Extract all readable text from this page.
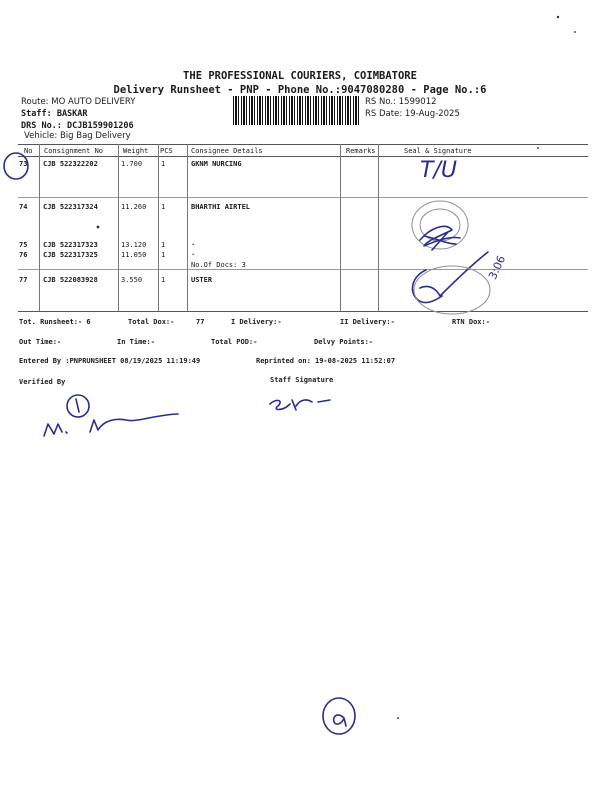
THE PROFESSIONAL COURIERS, COIMBATORE
Delivery Runsheet - PNP - Phone No.:9047080280 - Page No.:6
Route: MO AUTO DELIVERY
Staff: BASKAR
DRS No.: DCJB159901206
Vehicle: Big Bag Delivery
RS No.: 1599012
RS Date: 19-Aug-2025
No Consignment No	Weight PCS	Consignee Details	Remarks	Seal & Signature
73 CJB 522322202	1.700	1	GKNM NURCING
74 CJB 522317324	11.260 1	BHARTHI AIRTEL
75 CJB 522317323	13.120 1	.
76 CJB 522317325	11.050 1	.
No.Of Docs: 3
77 CJB 522083928	3.550	1	USTER
Tot. Runsheet:- 6	Total Dox:-	77	I Delivery:-	II Delivery:-	RTN Dox:-
Out Time:-	In Time:-	Total POD:-	Delvy Points:-
Entered By :PNPRUNSHEET 08/19/2025 11:19:49	Reprinted on: 19-08-2025 11:52:07
Verified By	Staff Signature
T/U
3:06
